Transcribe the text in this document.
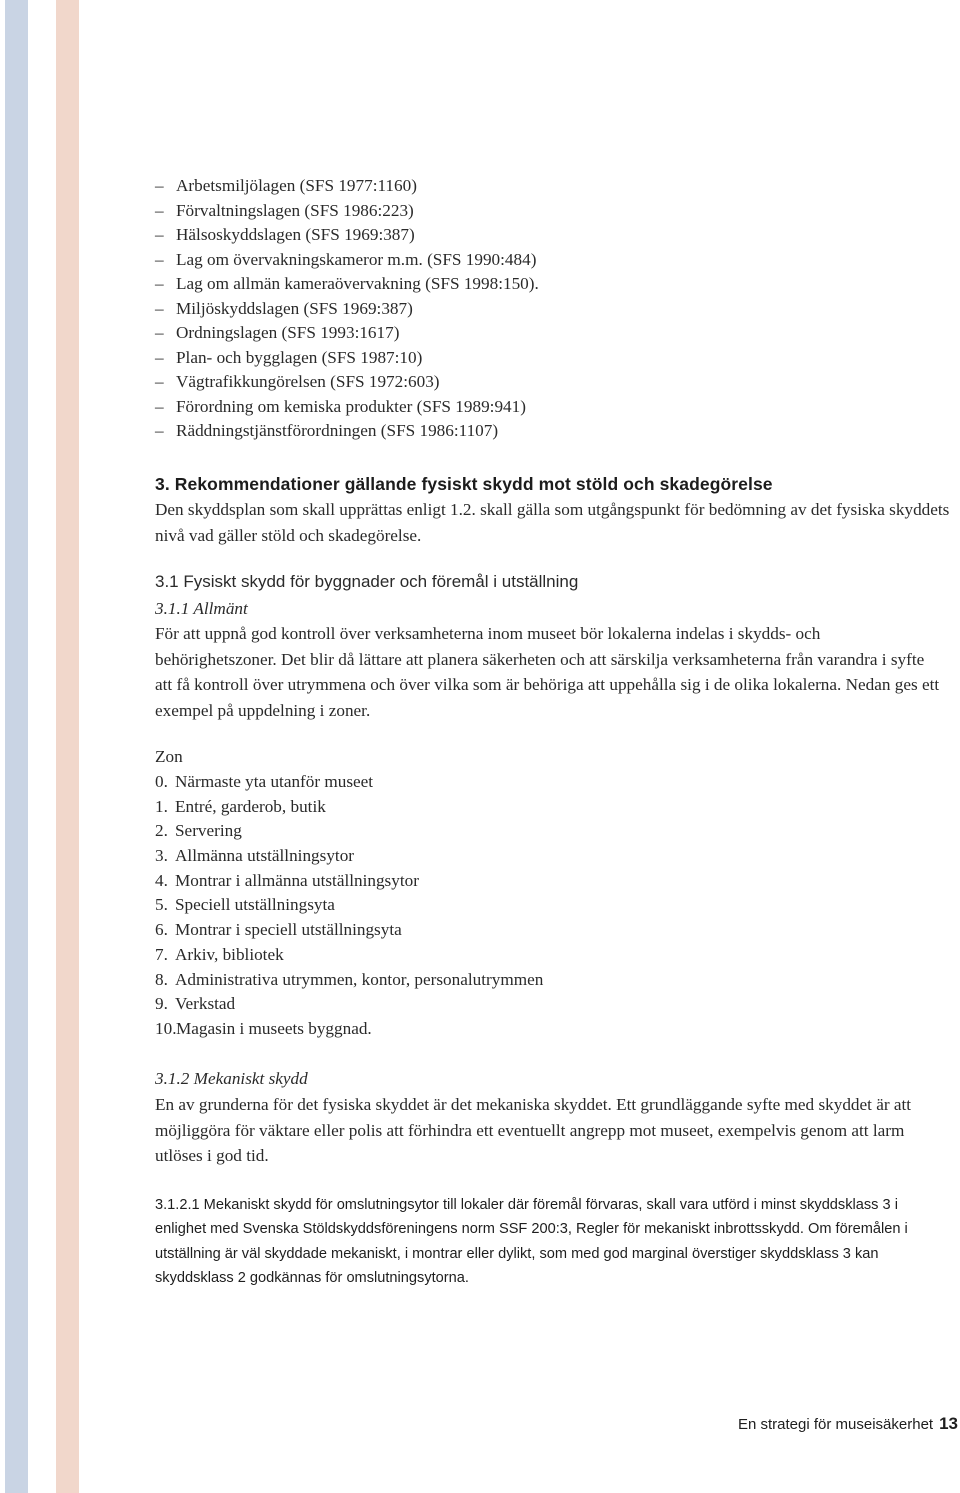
– Arbetsmiljölagen (SFS 1977:1160)
– Förvaltningslagen (SFS 1986:223)
– Hälsoskyddslagen (SFS 1969:387)
– Lag om övervakningskameror m.m. (SFS 1990:484)
– Lag om allmän kameraövervakning (SFS 1998:150).
– Miljöskyddslagen (SFS 1969:387)
– Ordningslagen (SFS 1993:1617)
– Plan- och bygglagen (SFS 1987:10)
– Vägtrafikkungörelsen (SFS 1972:603)
– Förordning om kemiska produkter (SFS 1989:941)
– Räddningstjänstförordningen (SFS 1986:1107)
3. Rekommendationer gällande fysiskt skydd mot stöld och skadegörelse
Den skyddsplan som skall upprättas enligt 1.2. skall gälla som utgångspunkt för bedömning av det fysiska skyddets nivå vad gäller stöld och skadegörelse.
3.1 Fysiskt skydd för byggnader och föremål i utställning
3.1.1 Allmänt
För att uppnå god kontroll över verksamheterna inom museet bör lokalerna indelas i skydds- och behörighetszoner. Det blir då lättare att planera säkerheten och att särskilja verksamheterna från varandra i syfte att få kontroll över utrymmena och över vilka som är behöriga att uppehålla sig i de olika lokalerna. Nedan ges ett exempel på uppdelning i zoner.
Zon
0. Närmaste yta utanför museet
1. Entré, garderob, butik
2. Servering
3. Allmänna utställningsytor
4. Montrar i allmänna utställningsytor
5. Speciell utställningsyta
6. Montrar i speciell utställningsyta
7. Arkiv, bibliotek
8. Administrativa utrymmen, kontor, personalutrymmen
9. Verkstad
10.Magasin i museets byggnad.
3.1.2 Mekaniskt skydd
En av grunderna för det fysiska skyddet är det mekaniska skyddet. Ett grundläggande syfte med skyddet är att möjliggöra för väktare eller polis att förhindra ett eventuellt angrepp mot museet, exempelvis genom att larm utlöses i god tid.
3.1.2.1 Mekaniskt skydd för omslutningsytor till lokaler där föremål förvaras, skall vara utförd i minst skyddsklass 3 i enlighet med Svenska Stöldskyddsföreningens norm SSF 200:3, Regler för mekaniskt inbrottsskydd. Om föremålen i utställning är väl skyddade mekaniskt, i montrar eller dylikt, som med god marginal överstiger skyddsklass 3 kan skyddsklass 2 godkännas för omslutningsytorna.
En strategi för museisäkerhet 13
